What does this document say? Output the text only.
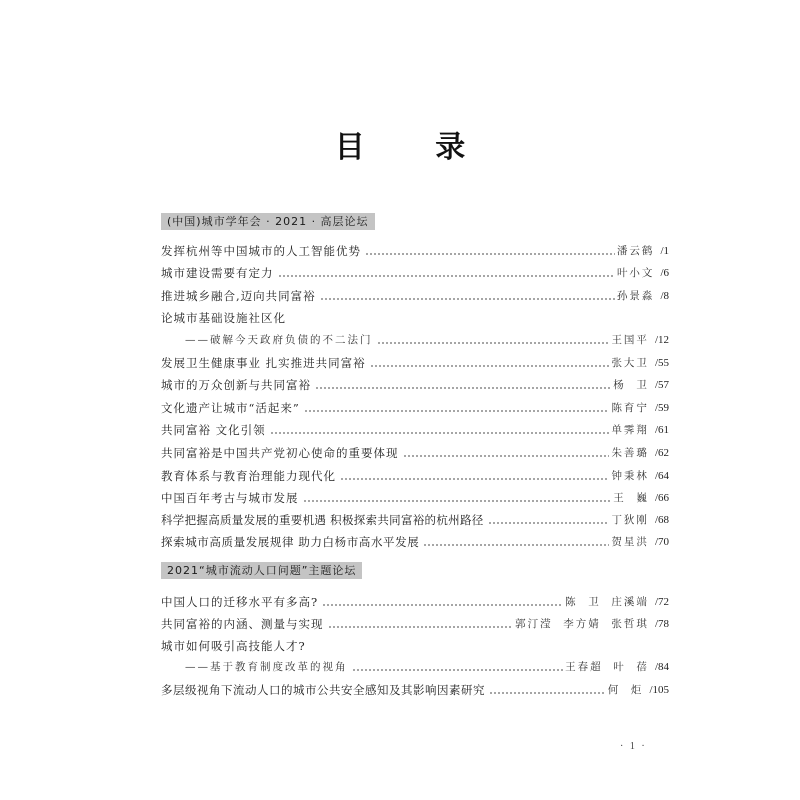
目 录
(中国)城市学年会 · 2021 · 高层论坛
发挥杭州等中国城市的人工智能优势	潘云鹤 /1
城市建设需要有定力	叶小文 /6
推进城乡融合,迈向共同富裕	孙景淼 /8
论城市基础设施社区化
——破解今天政府负债的不二法门	王国平 /12
发展卫生健康事业 扎实推进共同富裕	张大卫 /55
城市的万众创新与共同富裕	杨  卫 /57
文化遗产让城市“活起来”	陈育宁 /59
共同富裕 文化引领	单霁翔 /61
共同富裕是中国共产党初心使命的重要体现	朱善璐 /62
教育体系与教育治理能力现代化	钟秉林 /64
中国百年考古与城市发展	王  巍 /66
科学把握高质量发展的重要机遇 积极探索共同富裕的杭州路径	丁狄刚 /68
探索城市高质量发展规律 助力白杨市高水平发展	贺星洪 /70
2021“城市流动人口问题”主题论坛
中国人口的迁移水平有多高?	陈  卫  庄溪端 /72
共同富裕的内涵、测量与实现	郭汀滢  李方婧  张哲琪 /78
城市如何吸引高技能人才?
——基于教育制度改革的视角	王春超  叶  蓓 /84
多层级视角下流动人口的城市公共安全感知及其影响因素研究	何  炬 /105
· 1 ·
